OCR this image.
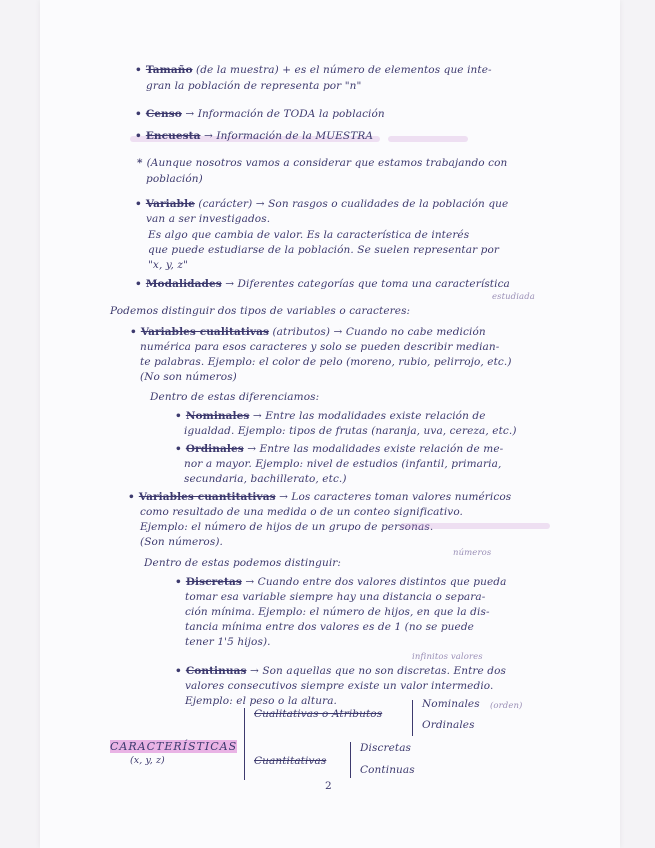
• Tamaño (de la muestra) + es el número de elementos que inte-
gran la población de representa por "n"
• Censo → Información de TODA la población
• Encuesta → Información de la MUESTRA
* (Aunque nosotros vamos a considerar que estamos trabajando con
población)
• Variable (carácter) → Son rasgos o cualidades de la población que
van a ser investigados.
Es algo que cambia de valor. Es la característica de interés
que puede estudiarse de la población. Se suelen representar por
"x, y, z"
• Modalidades → Diferentes categorías que toma una característica
estudiada
Podemos distinguir dos tipos de variables o caracteres:
• Variables cualitativas (atributos) → Cuando no cabe medición
numérica para esos caracteres y solo se pueden describir median-
te palabras. Ejemplo: el color de pelo (moreno, rubio, pelirrojo, etc.)
(No son números)
Dentro de estas diferenciamos:
• Nominales → Entre las modalidades existe relación de
igualdad. Ejemplo: tipos de frutas (naranja, uva, cereza, etc.)
• Ordinales → Entre las modalidades existe relación de me-
nor a mayor. Ejemplo: nivel de estudios (infantil, primaria,
secundaria, bachillerato, etc.)
• Variables cuantitativas → Los caracteres toman valores numéricos
como resultado de una medida o de un conteo significativo.
Ejemplo: el número de hijos de un grupo de personas.
(Son números).
Dentro de estas podemos distinguir:
números
• Discretas → Cuando entre dos valores distintos que pueda
tomar esa variable siempre hay una distancia o separa-
ción mínima. Ejemplo: el número de hijos, en que la dis-
tancia mínima entre dos valores es de 1 (no se puede
tener 1'5 hijos).
infinitos valores
• Continuas → Son aquellas que no son discretas. Entre dos
valores consecutivos siempre existe un valor intermedio.
Ejemplo: el peso o la altura.
CARACTERÍSTICAS
(x, y, z)
Cualitativas o Atributos
Nominales (orden)
Ordinales
Cuantitativas
Discretas
Continuas
2
